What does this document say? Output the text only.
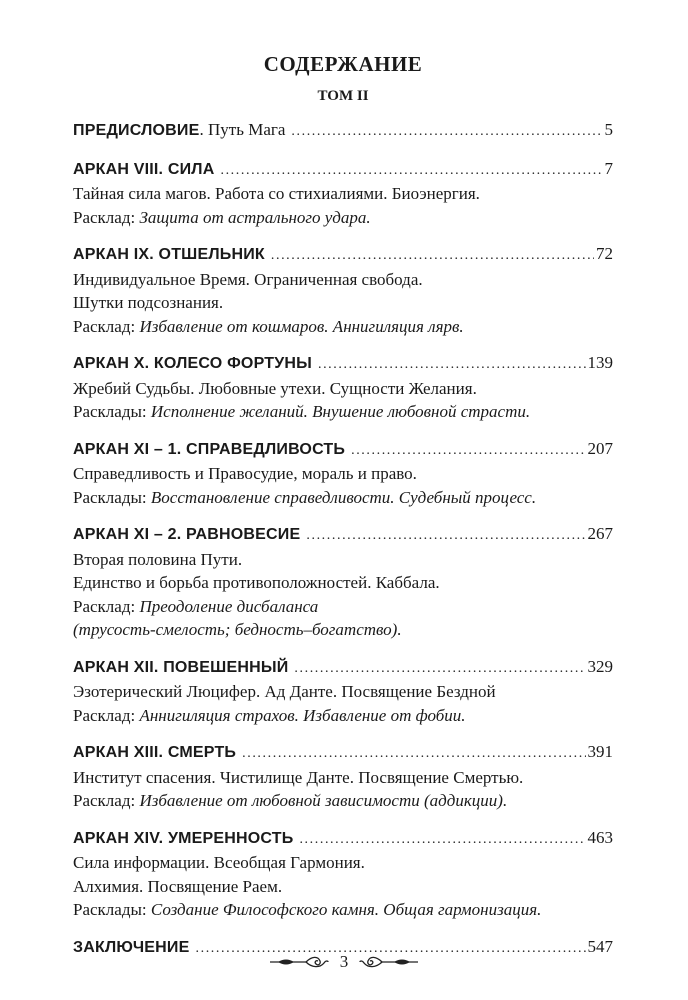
СОДЕРЖАНИЕ
ТОМ II
ПРЕДИСЛОВИЕ . Путь Мага .....	5
АРКАН VIII. СИЛА .....	7
Тайная сила магов. Работа со стихиалиями. Биоэнергия.
Расклад: Защита от астрального удара.
АРКАН IX. ОТШЕЛЬНИК .....	72
Индивидуальное Время. Ограниченная свобода.
Шутки подсознания.
Расклад: Избавление от кошмаров. Аннигиляция лярв.
АРКАН X. КОЛЕСО ФОРТУНЫ .....	139
Жребий Судьбы. Любовные утехи. Сущности Желания.
Расклады: Исполнение желаний. Внушение любовной страсти.
АРКАН XI – 1. СПРАВЕДЛИВОСТЬ .....	207
Справедливость и Правосудие, мораль и право.
Расклады: Восстановление справедливости. Судебный процесс.
АРКАН XI – 2. РАВНОВЕСИЕ .....	267
Вторая половина Пути.
Единство и борьба противоположностей. Каббала.
Расклад: Преодоление дисбаланса
(трусость-смелость; бедность–богатство).
АРКАН XII. ПОВЕШЕННЫЙ .....	329
Эзотерический Люцифер. Ад Данте. Посвящение Бездной
Расклад: Аннигиляция страхов. Избавление от фобии.
АРКАН XIII. СМЕРТЬ .....	391
Институт спасения. Чистилище Данте. Посвящение Смертью.
Расклад: Избавление от любовной зависимости (аддикции).
АРКАН XIV. УМЕРЕННОСТЬ .....	463
Сила информации. Всеобщая Гармония.
Алхимия. Посвящение Раем.
Расклады: Создание Философского камня. Общая гармонизация.
ЗАКЛЮЧЕНИЕ .....	547
3
